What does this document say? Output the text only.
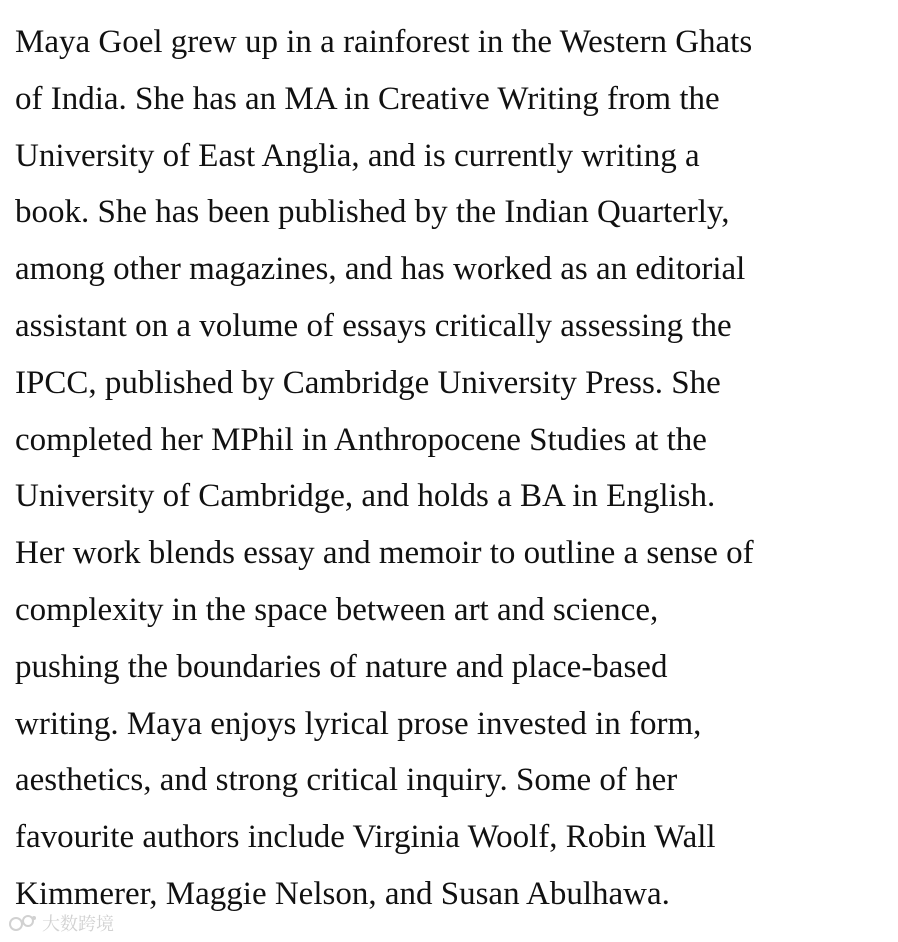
Maya Goel grew up in a rainforest in the Western Ghats
of India. She has an MA in Creative Writing from the
University of East Anglia, and is currently writing a
book. She has been published by the Indian Quarterly,
among other magazines, and has worked as an editorial
assistant on a volume of essays critically assessing the
IPCC, published by Cambridge University Press. She
completed her MPhil in Anthropocene Studies at the
University of Cambridge, and holds a BA in English.
Her work blends essay and memoir to outline a sense of
complexity in the space between art and science,
pushing the boundaries of nature and place-based
writing. Maya enjoys lyrical prose invested in form,
aesthetics, and strong critical inquiry. Some of her
favourite authors include Virginia Woolf, Robin Wall
Kimmerer, Maggie Nelson, and Susan Abulhawa.
大数跨境
